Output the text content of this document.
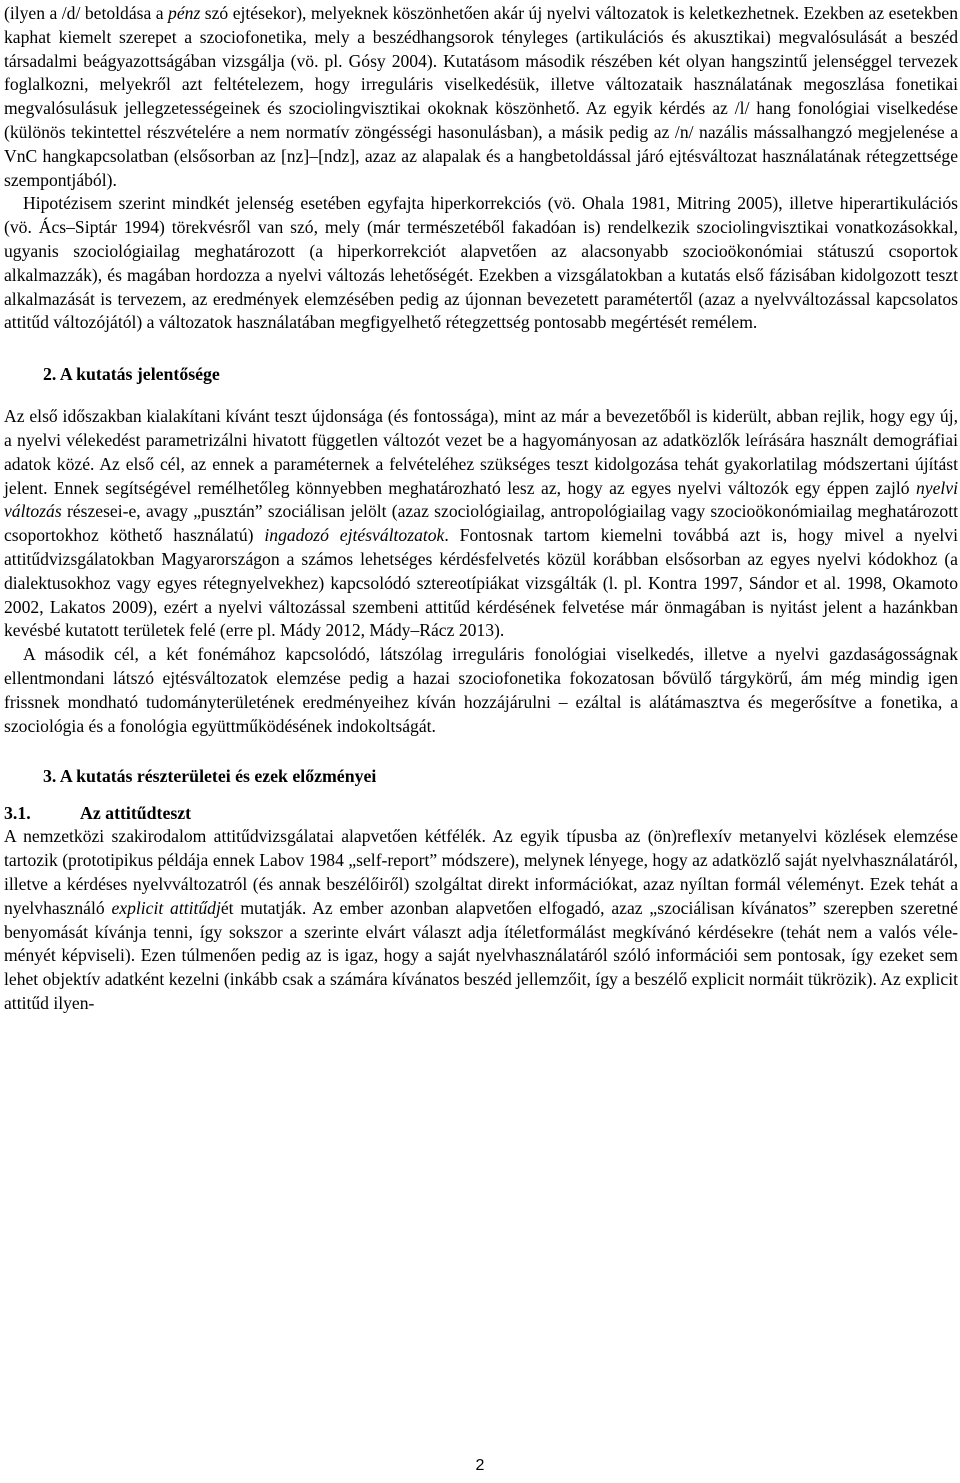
(ilyen a /d/ betoldása a pénz szó ejtésekor), melyeknek köszönhetően akár új nyelvi változatok is keletkezhetnek. Ezekben az esetekben kaphat kiemelt szerepet a szociofonetika, mely a beszédhangsorok tényleges (artikulációs és akusztikai) megvalósulását a beszéd társadalmi beágyazottságában vizsgálja (vö. pl. Gósy 2004). Kutatásom második részében két olyan hangszintű jelenséggel tervezek foglalkozni, melyekről azt feltételezem, hogy irreguláris viselkedésük, illetve változataik használatának megoszlása fonetikai megvalósulásuk jellegzetességeinek és szociolingvisztikai okoknak köszönhető. Az egyik kérdés az /l/ hang fonológiai viselkedése (különös tekintettel részvételére a nem normatív zöngésségi hasonulásban), a másik pedig az /n/ nazális mássalhangzó megjelenése a VnC hangkapcsolatban (elsősorban az [nz]–[ndz], azaz az alapalak és a hangbetoldással járó ejtésváltozat használatának rétegzettsége szempontjából).

Hipotézisem szerint mindkét jelenség esetében egyfajta hiperkorrekciós (vö. Ohala 1981, Mitring 2005), illetve hiperartikulációs (vö. Ács–Siptár 1994) törekvésről van szó, mely (már természetéből fakadóan is) rendelkezik szociolingvisztikai vonatkozásokkal, ugyanis szociológiailag meghatározott (a hiperkorrekciót alapvetően az alacsonyabb szocioökonómiai státuszú csoportok alkalmazzák), és magában hordozza a nyelvi változás lehetőségét. Ezekben a vizsgálatokban a kutatás első fázisában kidolgozott teszt alkalmazását is tervezem, az eredmények elemzésében pedig az újonnan bevezetett paramétertől (azaz a nyelvváltozással kapcsolatos attitűd változójától) a változatok használatában megfigyelhető rétegzettség pontosabb megértését remélem.

2. A kutatás jelentősége

Az első időszakban kialakítani kívánt teszt újdonsága (és fontossága), mint az már a bevezetőből is kiderült, abban rejlik, hogy egy új, a nyelvi vélekedést parametrizálni hivatott független változót vezet be a hagyományosan az adatközlők leírására használt demográfiai adatok közé. Az első cél, az ennek a paraméternek a felvételéhez szükséges teszt kidolgozása tehát gyakorlatilag módszertani újítást jelent. Ennek segítségével remélhetőleg könnyebben meghatározható lesz az, hogy az egyes nyelvi változók egy éppen zajló nyelvi változás részesei-e, avagy „pusztán” szociálisan jelölt (azaz szociológiailag, antropológiailag vagy szocioökonómiailag meghatározott csoportokhoz köthető használatú) ingadozó ejtésváltozatok. Fontosnak tartom kiemelni továbbá azt is, hogy mivel a nyelvi attitűdvizsgálatokban Magyarországon a számos lehetséges kérdésfelvetés közül korábban elsősorban az egyes nyelvi kódokhoz (a dialektusokhoz vagy egyes rétegnyelvekhez) kapcsolódó sztereotípiákat vizsgálták (l. pl. Kontra 1997, Sándor et al. 1998, Okamoto 2002, Lakatos 2009), ezért a nyelvi változással szembeni attitűd kérdésének felvetése már önmagában is nyitást jelent a hazánkban kevésbé kutatott területek felé (erre pl. Mády 2012, Mády–Rácz 2013).

A második cél, a két fonémához kapcsolódó, látszólag irreguláris fonológiai viselkedés, illetve a nyelvi gazdaságosságnak ellentmondani látszó ejtésváltozatok elemzése pedig a hazai szociofonetika fokozatosan bővülő tárgykörű, ám még mindig igen frissnek mondható tudományterületének eredményeihez kíván hozzájárulni – ezáltal is alátámasztva és megerősítve a fonetika, a szociológia és a fonológia együttműködésének indokoltságát.

3. A kutatás részterületei és ezek előzményei
3.1.	Az attitűdteszt

A nemzetközi szakirodalom attitűdvizsgálatai alapvetően kétfélék. Az egyik típusba az (ön)reflexív metanyelvi közlések elemzése tartozik (prototipikus példája ennek Labov 1984 „self-report” módszere), melynek lényege, hogy az adatközlő saját nyelvhasználatáról, illetve a kérdéses nyelvváltozatról (és annak beszélőiről) szolgáltat direkt információkat, azaz nyíltan formál véleményt. Ezek tehát a nyelvhasználó explicit attitűdjét mutatják. Az ember azonban alapvetően elfogadó, azaz „szociálisan kívánatos” szerepben szeretné benyomását kívánja tenni, így sokszor a szerinte elvárt választ adja ítéletformálást megkívánó kérdésekre (tehát nem a valós véleményét képviseli). Ezen túlmenően pedig az is igaz, hogy a saját nyelvhasználatáról szóló információi sem pontosak, így ezeket sem lehet objektív adatként kezelni (inkább csak a számára kívánatos beszéd jellemzőit, így a beszélő explicit normáit tükrözik). Az explicit attitűd ilyen-

2
